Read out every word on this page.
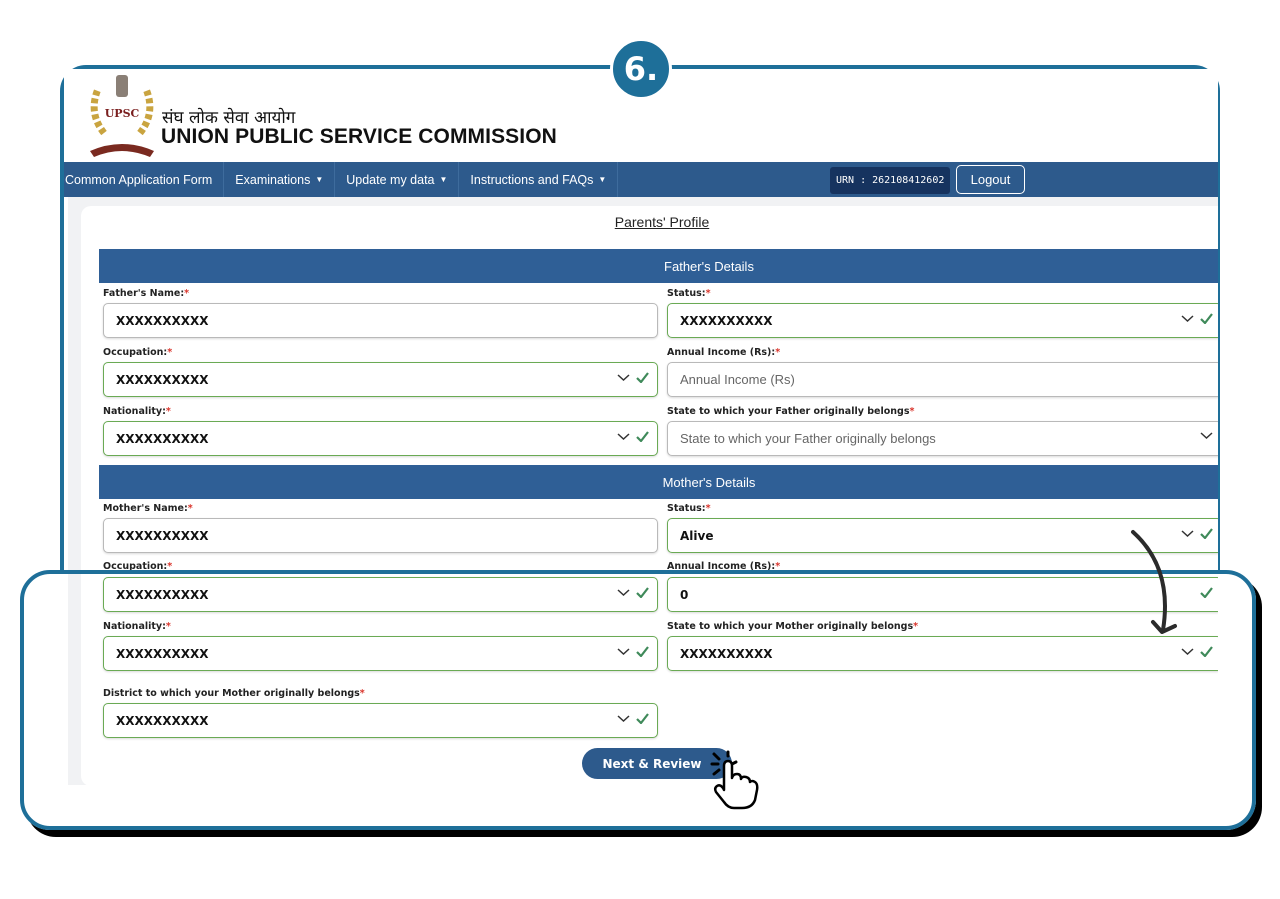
6.
UPSC संघ लोक सेवा आयोग
UNION PUBLIC SERVICE COMMISSION
Common Application Form Examinations ▼ Update my data ▼ Instructions and FAQs ▼	URN : 262108412602	Logout
Parents' Profile
Father's Details
Father's Name:*
XXXXXXXXXX
Status:*
XXXXXXXXXX
Occupation:*
XXXXXXXXXX
Annual Income (Rs):*
Annual Income (Rs)
Nationality:*
XXXXXXXXXX
State to which your Father originally belongs*
State to which your Father originally belongs
Mother's Details
Mother's Name:*
XXXXXXXXXX
Status:*
Alive
Occupation:*
XXXXXXXXXX
Annual Income (Rs):*
0
Nationality:*
XXXXXXXXXX
State to which your Mother originally belongs*
XXXXXXXXXX
District to which your Mother originally belongs*
XXXXXXXXXX
Next & Review
